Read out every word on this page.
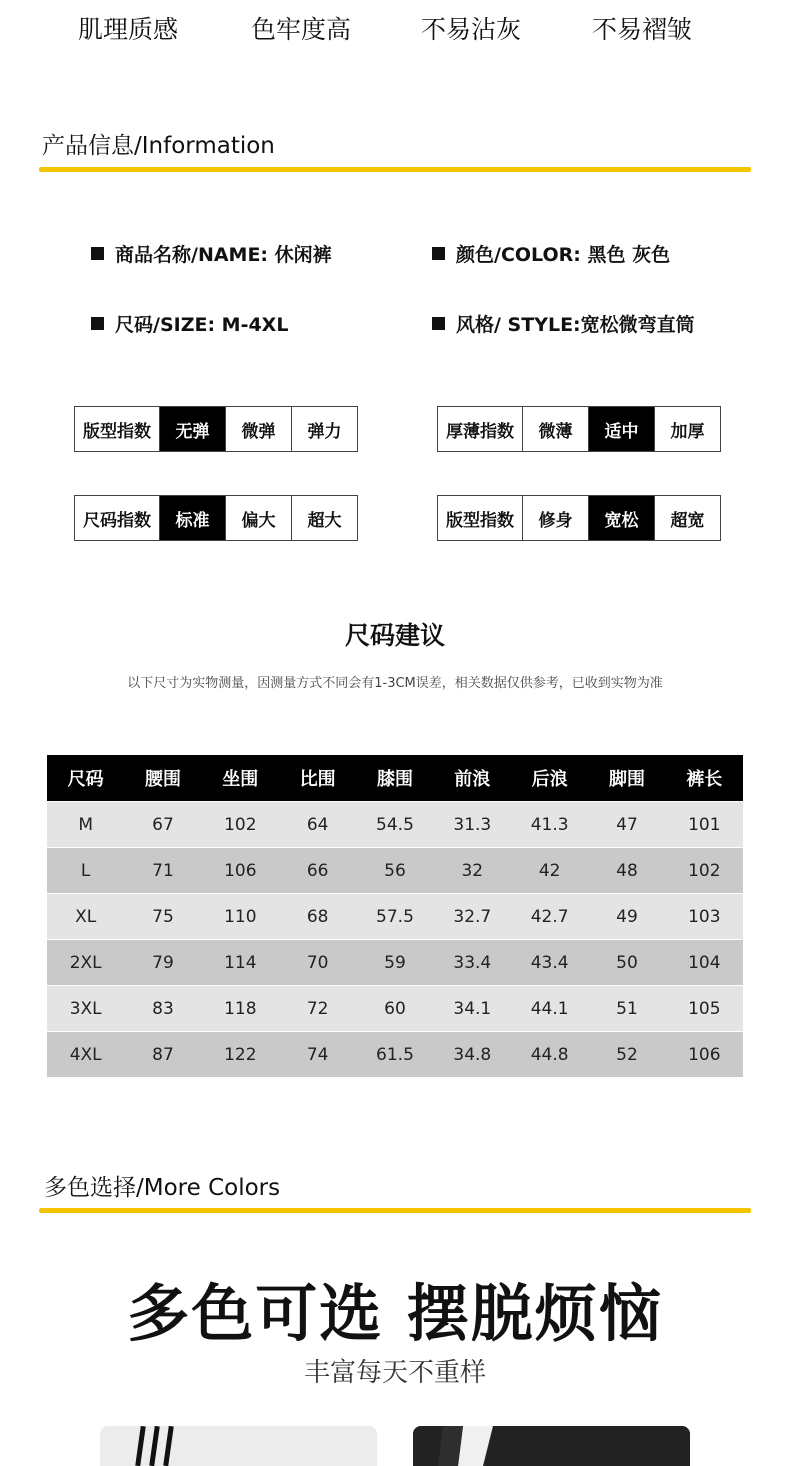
肌理质感	色牢度高	不易沾灰	不易褶皱
产品信息/Information
商品名称/NAME: 休闲裤	颜色/COLOR: 黑色 灰色
尺码/SIZE: M-4XL	风格/ STYLE:宽松微弯直筒
版型指数	无弹	微弹	弹力	厚薄指数	微薄	适中	加厚
尺码指数	标准	偏大	超大	版型指数	修身	宽松	超宽
尺码建议
以下尺寸为实物测量，因测量方式不同会有1-3CM误差，相关数据仅供参考，已收到实物为准
尺码	腰围	坐围	比围	膝围	前浪	后浪	脚围	裤长
M	67	102	64	54.5	31.3	41.3	47	101
L	71	106	66	56	32	42	48	102
XL	75	110	68	57.5	32.7	42.7	49	103
2XL	79	114	70	59	33.4	43.4	50	104
3XL	83	118	72	60	34.1	44.1	51	105
4XL	87	122	74	61.5	34.8	44.8	52	106
多色选择/More Colors
多色可选 摆脱烦恼
丰富每天不重样
